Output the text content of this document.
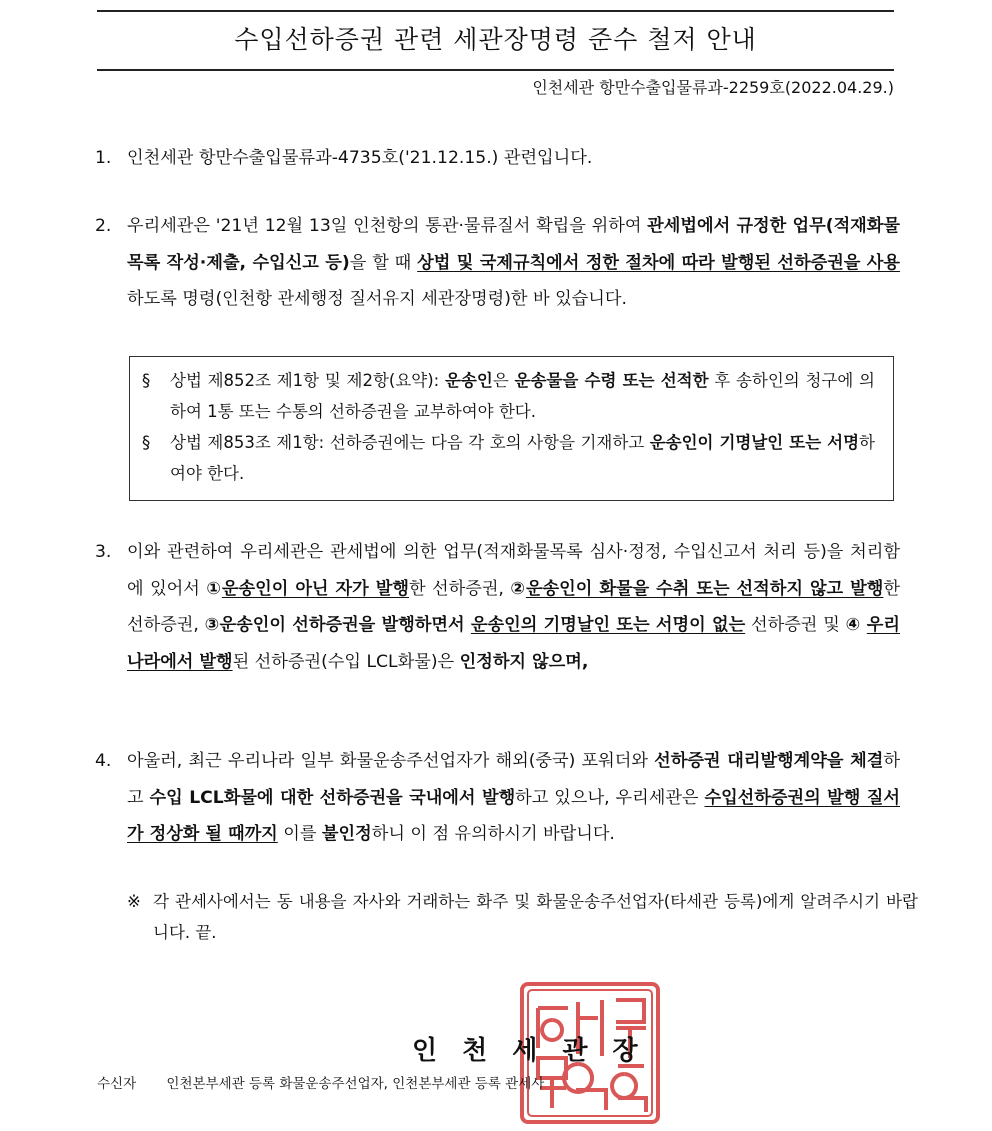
수입선하증권 관련 세관장명령 준수 철저 안내
인천세관 항만수출입물류과-2259호(2022.04.29.)
1. 인천세관 항만수출입물류과-4735호('21.12.15.) 관련입니다.
2. 우리세관은 '21년 12월 13일 인천항의 통관·물류질서 확립을 위하여 관세법에서 규정한 업무(적재화물목록 작성·제출, 수입신고 등)을 할 때 상법 및 국제규칙에서 정한 절차에 따라 발행된 선하증권을 사용하도록 명령(인천항 관세행정 질서유지 세관장명령)한 바 있습니다.
§ 상법 제852조 제1항 및 제2항(요약): 운송인은 운송물을 수령 또는 선적한 후 송하인의 청구에 의하여 1통 또는 수통의 선하증권을 교부하여야 한다.
§ 상법 제853조 제1항: 선하증권에는 다음 각 호의 사항을 기재하고 운송인이 기명날인 또는 서명하여야 한다.
3. 이와 관련하여 우리세관은 관세법에 의한 업무(적재화물목록 심사·정정, 수입신고서 처리 등)을 처리함에 있어서 ①운송인이 아닌 자가 발행한 선하증권, ②운송인이 화물을 수취 또는 선적하지 않고 발행한 선하증권, ③운송인이 선하증권을 발행하면서 운송인의 기명날인 또는 서명이 없는 선하증권 및 ④ 우리나라에서 발행된 선하증권(수입 LCL화물)은 인정하지 않으며,
4. 아울러, 최근 우리나라 일부 화물운송주선업자가 해외(중국) 포워더와 선하증권 대리발행계약을 체결하고 수입 LCL화물에 대한 선하증권을 국내에서 발행하고 있으나, 우리세관은 수입선하증권의 발행 질서가 정상화 될 때까지 이를 불인정하니 이 점 유의하시기 바랍니다.
※ 각 관세사에서는 동 내용을 자사와 거래하는 화주 및 화물운송주선업자(타세관 등록)에게 알려주시기 바랍니다. 끝.
인천세관장
수신자 인천본부세관 등록 화물운송주선업자, 인천본부세관 등록 관세사
